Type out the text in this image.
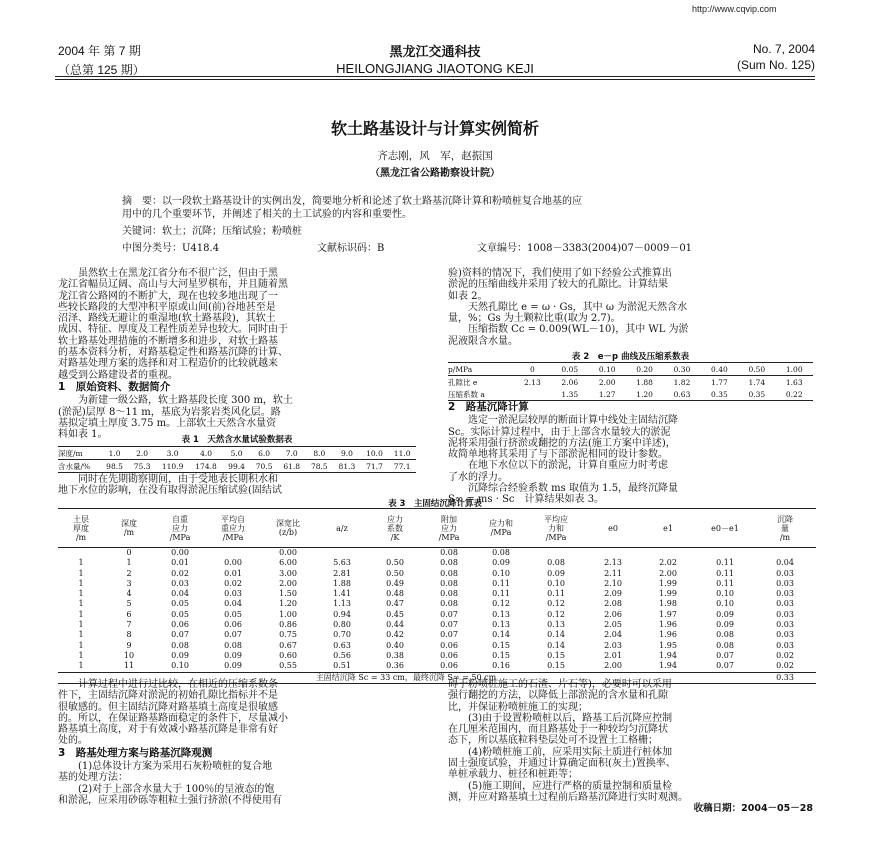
http://www.cqvip.com
2004 年 第 7 期
（总第 125 期）
黑龙江交通科技
HEILONGJIANG JIAOTONG KEJI
No. 7, 2004
(Sum No. 125)
软土路基设计与计算实例简析
齐志刚，风　军，赵振国
（黑龙江省公路勘察设计院）
摘　要：以一段软土路基设计的实例出发，简要地分析和论述了软土路基沉降计算和粉喷桩复合地基的应
用中的几个重要环节，并阐述了相关的土工试验的内容和重要性。
关键词：软土；沉降；压缩试验；粉喷桩
中图分类号：U418.4	文献标识码：B	文章编号：1008－3383(2004)07－0009－01

虽然软土在黑龙江省分布不很广泛，但由于黑

龙江省幅员辽阔、高山与大河星罗棋布，并且随着黑

龙江省公路网的不断扩大，现在也较多地出现了一

些较长路段的大型冲积平原或山间(前)谷地甚至是

沼泽、路线无避让的重湿地(软土路基段)，其软土

成因、特征、厚度及工程性质差异也较大。同时由于

软土路基处理措施的不断增多和进步，对软土路基

的基本资料分析，对路基稳定性和路基沉降的计算、

对路基处理方案的选择和对工程造价的比较就越来

越受到公路建设者的重视。

1　原始资料、数据简介

为新建一级公路，软土路基段长度 300 m，软土

(淤泥)层厚 8～11 m，基底为岩浆岩类风化层。路

基拟定填土厚度 3.75 m。上部软土天然含水量资

料如表 1。	表 1　天然含水量试验数据表
深度/m	1.0	2.0	3.0	4.0	5.0	6.0	7.0	8.0	9.0	10.0	11.0
含水量/%	98.5	75.3	110.9	174.8	99.4	70.5	61.8	78.5	81.3	71.7	77.1

同时在先期勘察期间，由于受地表长期积水和

地下水位的影响，在没有取得淤泥压缩试验(固结试

验)资料的情况下，我们使用了如下经验公式推算出

淤泥的压缩曲线并采用了较大的孔隙比。计算结果

如表 2。

天然孔隙比 e = ω · Gs，其中 ω 为淤泥天然含水

量，%；Gs 为土颗粒比重(取为 2.7)。

压缩指数 Cc = 0.009(WL－10)，其中 WL 为淤

泥液限含水量。

表 2　e－p 曲线及压缩系数表
p/MPa	0	0.05	0.10	0.20	0.30	0.40	0.50	1.00
孔隙比 e	2.13	2.06	2.00	1.88	1.82	1.77	1.74	1.63
压缩系数 a		1.35	1.27	1.20	0.63	0.35	0.35	0.22
2　路基沉降计算

选定一淤泥层较厚的断面计算中线处主固结沉降

Sc。实际计算过程中，由于上部含水量较大的淤泥

泥将采用强行挤淤或翻挖的方法(施工方案中详述)，

故简单地将其采用了与下部淤泥相同的设计参数。

在地下水位以下的淤泥，计算自重应力时考虑

了水的浮力。

沉降综合经验系数 ms 取值为 1.5，最终沉降量

S∞ = ms · Sc　计算结果如表 3。

表 3　主固结沉降计算表
土层
厚度
/m	深度
/m	自重
应力
/MPa	平均自
重应力
/MPa	深宽比
(z/b)	a/z	应力
系数
/K	附加
应力
/MPa	应力和
/MPa	平均应
力和
/MPa	e0	e1	e0－e1	沉降
量
/m
	0	0.00		0.00			0.08	0.08					
1	1	0.01	0.00	6.00	5.63	0.50	0.08	0.09	0.08	2.13	2.02	0.11	0.04
1	2	0.02	0.01	3.00	2.81	0.50	0.08	0.10	0.09	2.11	2.00	0.11	0.03
1	3	0.03	0.02	2.00	1.88	0.49	0.08	0.11	0.10	2.10	1.99	0.11	0.03
1	4	0.04	0.03	1.50	1.41	0.48	0.08	0.11	0.11	2.09	1.99	0.10	0.03
1	5	0.05	0.04	1.20	1.13	0.47	0.08	0.12	0.12	2.08	1.98	0.10	0.03
1	6	0.05	0.05	1.00	0.94	0.45	0.07	0.13	0.12	2.06	1.97	0.09	0.03
1	7	0.06	0.06	0.86	0.80	0.44	0.07	0.13	0.13	2.05	1.96	0.09	0.03
1	8	0.07	0.07	0.75	0.70	0.42	0.07	0.14	0.14	2.04	1.96	0.08	0.03
1	9	0.08	0.08	0.67	0.63	0.40	0.06	0.15	0.14	2.03	1.95	0.08	0.03
1	10	0.09	0.09	0.60	0.56	0.38	0.06	0.15	0.15	2.01	1.94	0.07	0.02
1	11	0.10	0.09	0.55	0.51	0.36	0.06	0.16	0.15	2.00	1.94	0.07	0.02
主固结沉降 Sc = 33 cm，最终沉降 S∞ = 50 cm													0.33

计算过程中进行过比较，在相近的压缩系数条

件下，主固结沉降对淤泥的初始孔隙比指标并不是

很敏感的。但主固结沉降对路基填土高度是很敏感

的。所以，在保证路基路面稳定的条件下，尽量减小

路基填土高度，对于有效减小路基沉降是非常有好

处的。

3　路基处理方案与路基沉降观测

(1)总体设计方案为采用石灰粉喷桩的复合地

基的处理方法：

(2)对于上部含水量大于 100％的呈液态的饱

和淤泥，应采用砂砾等粗粒土强行挤淤(不得使用有

碍于粉喷桩施工的石渣、片石等)，必要时可以采用

强行翻挖的方法，以降低上部淤泥的含水量和孔隙

比，并保证粉喷桩施工的实现；

(3)由于设置粉喷桩以后，路基工后沉降应控制

在几厘米范围内，而且路基处于一种较均匀沉降状

态下，所以基底粒料垫层处可不设置土工格栅；

(4)粉喷桩施工前，应采用实际土质进行桩体加

固土强度试验，并通过计算确定面积(灰土)置换率、

单桩承载力、桩径和桩距等；

(5)施工期间，应进行严格的质量控制和质量检

测，并应对路基填土过程前后路基沉降进行实时观测。

收稿日期：2004－05－28
